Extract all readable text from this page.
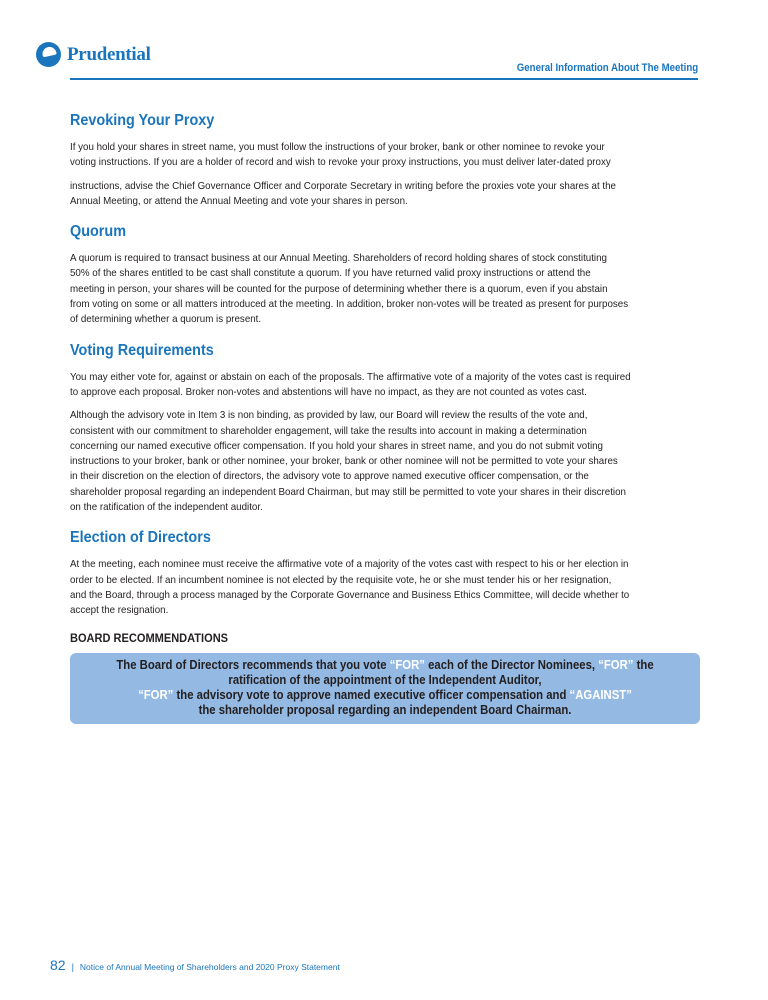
Prudential
General Information About The Meeting
Revoking Your Proxy

If you hold your shares in street name, you must follow the instructions of your broker, bank or other nominee to revoke your
voting instructions. If you are a holder of record and wish to revoke your proxy instructions, you must deliver later-dated proxy

instructions, advise the Chief Governance Officer and Corporate Secretary in writing before the proxies vote your shares at the
Annual Meeting, or attend the Annual Meeting and vote your shares in person.

Quorum

A quorum is required to transact business at our Annual Meeting. Shareholders of record holding shares of stock constituting
50% of the shares entitled to be cast shall constitute a quorum. If you have returned valid proxy instructions or attend the
meeting in person, your shares will be counted for the purpose of determining whether there is a quorum, even if you abstain
from voting on some or all matters introduced at the meeting. In addition, broker non-votes will be treated as present for purposes
of determining whether a quorum is present.

Voting Requirements

You may either vote for, against or abstain on each of the proposals. The affirmative vote of a majority of the votes cast is required
to approve each proposal. Broker non-votes and abstentions will have no impact, as they are not counted as votes cast.

Although the advisory vote in Item 3 is non binding, as provided by law, our Board will review the results of the vote and,
consistent with our commitment to shareholder engagement, will take the results into account in making a determination
concerning our named executive officer compensation. If you hold your shares in street name, and you do not submit voting
instructions to your broker, bank or other nominee, your broker, bank or other nominee will not be permitted to vote your shares
in their discretion on the election of directors, the advisory vote to approve named executive officer compensation, or the
shareholder proposal regarding an independent Board Chairman, but may still be permitted to vote your shares in their discretion
on the ratification of the independent auditor.

Election of Directors

At the meeting, each nominee must receive the affirmative vote of a majority of the votes cast with respect to his or her election in
order to be elected. If an incumbent nominee is not elected by the requisite vote, he or she must tender his or her resignation,
and the Board, through a process managed by the Corporate Governance and Business Ethics Committee, will decide whether to
accept the resignation.

BOARD RECOMMENDATIONS
The Board of Directors recommends that you vote “FOR” each of the Director Nominees, “FOR” the
ratification of the appointment of the Independent Auditor,
“FOR” the advisory vote to approve named executive officer compensation and “AGAINST”
the shareholder proposal regarding an independent Board Chairman.
82 | Notice of Annual Meeting of Shareholders and 2020 Proxy Statement
